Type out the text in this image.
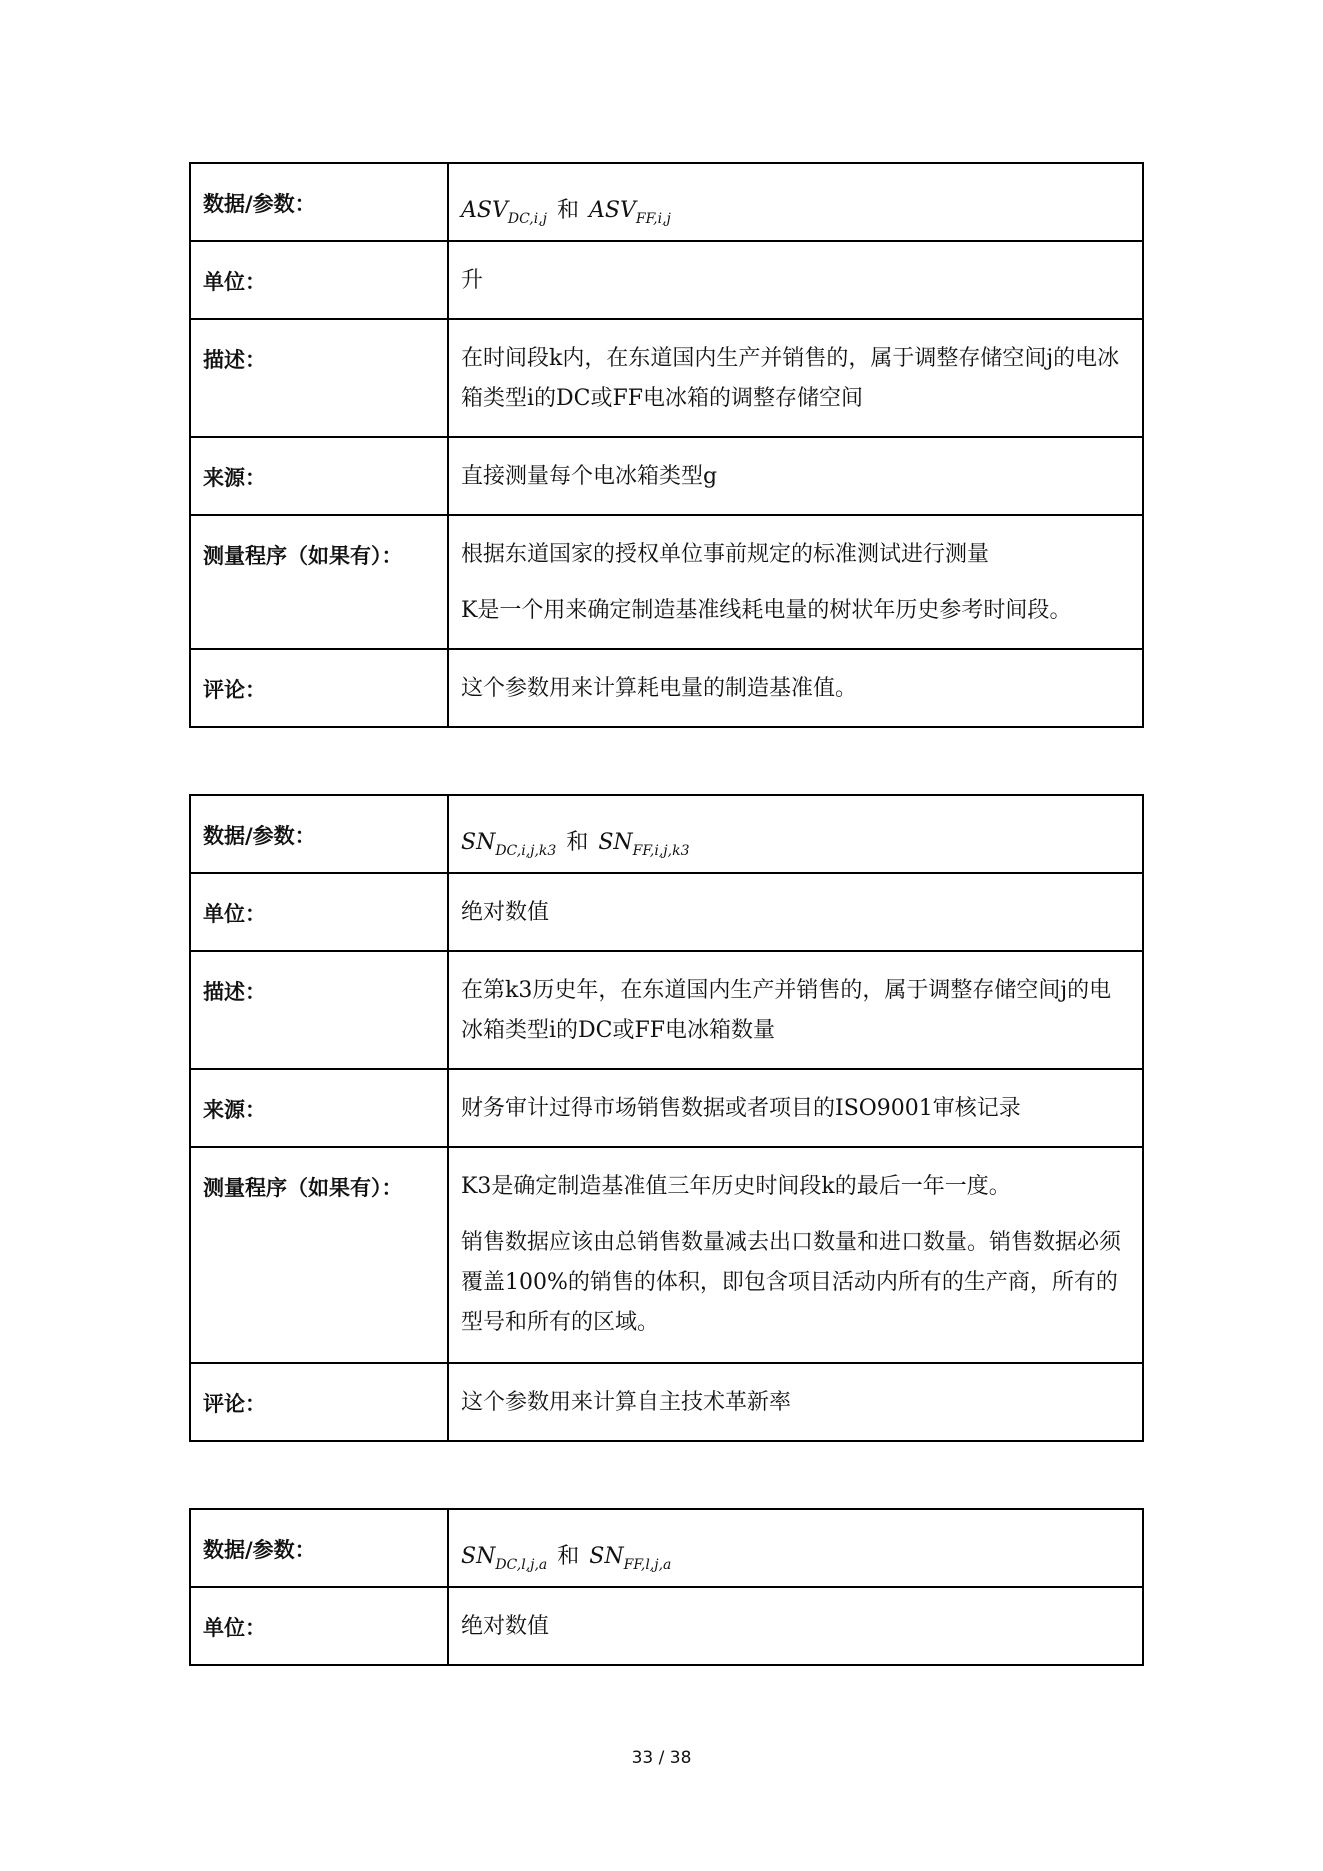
数据/参数：	$ASV_{DC,i,j}$ 和 $ASV_{FF,i,j}$
单位：	升

描述：	在时间段k内，在东道国内生产并销售的，属于调整存储空间j的电冰箱类型i的DC或FF电冰箱的调整存储空间

来源：	直接测量每个电冰箱类型g

测量程序（如果有）：	根据东道国家的授权单位事前规定的标准测试进行测量

K是一个用来确定制造基准线耗电量的树状年历史参考时间段。

评论：	这个参数用来计算耗电量的制造基准值。

数据/参数：	$SN_{DC,i,j,k3}$ 和 $SN_{FF,i,j,k3}$
单位：	绝对数值

描述：	在第k3历史年，在东道国内生产并销售的，属于调整存储空间j的电冰箱类型i的DC或FF电冰箱数量

来源：	财务审计过得市场销售数据或者项目的ISO9001审核记录

测量程序（如果有）：	K3是确定制造基准值三年历史时间段k的最后一年一度。

销售数据应该由总销售数量减去出口数量和进口数量。销售数据必须覆盖100%的销售的体积，即包含项目活动内所有的生产商，所有的型号和所有的区域。

评论：	这个参数用来计算自主技术革新率

数据/参数：	$SN_{DC,l,j,a}$ 和 $SN_{FF,l,j,a}$
单位：	绝对数值

33 / 38
